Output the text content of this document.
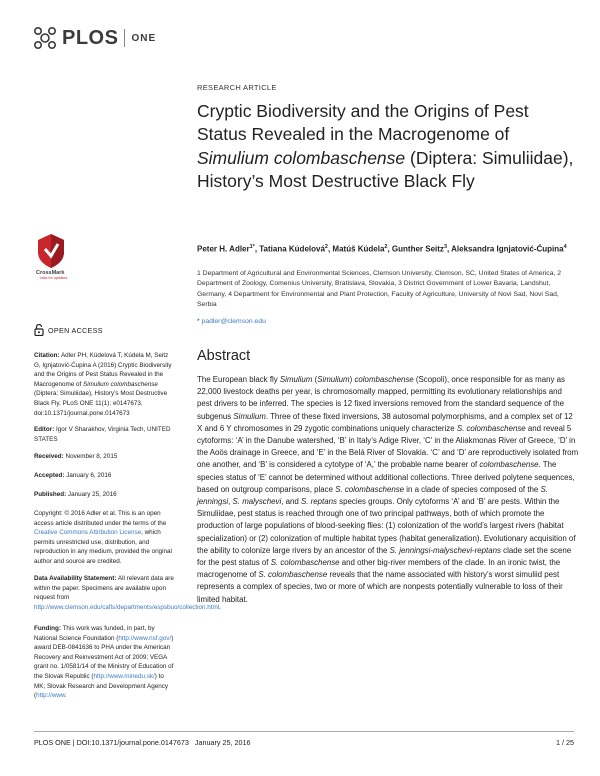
PLOS ONE
RESEARCH ARTICLE
Cryptic Biodiversity and the Origins of Pest Status Revealed in the Macrogenome of Simulium colombaschense (Diptera: Simuliidae), History’s Most Destructive Black Fly
CrossMark
click for updates
Peter H. Adler$^{1*}$, Tatiana Kúdelová$^2$, Matúš Kúdela$^2$, Gunther Seitz$^3$, Aleksandra Ignjatović-Ćupina$^4$
1 Department of Agricultural and Environmental Sciences, Clemson University, Clemson, SC, United States of America, 2 Department of Zoology, Comenius University, Bratislava, Slovakia, 3 District Government of Lower Bavaria, Landshut, Germany, 4 Department for Environmental and Plant Protection, Faculty of Agriculture, University of Novi Sad, Novi Sad, Serbia
* padler@clemson.edu
OPEN ACCESS
Citation: Adler PH, Kúdelová T, Kúdela M, Seitz G, Ignjatović-Ćupina A (2016) Cryptic Biodiversity and the Origins of Pest Status Revealed in the Macrogenome of Simulium colombaschense (Diptera: Simuliidae), History’s Most Destructive Black Fly. PLoS ONE 11(1): e0147673. doi:10.1371/journal.pone.0147673
Editor: Igor V Sharakhov, Virginia Tech, UNITED STATES
Received: November 8, 2015
Accepted: January 6, 2016
Published: January 25, 2016
Copyright: © 2016 Adler et al. This is an open access article distributed under the terms of the Creative Commons Attribution License, which permits unrestricted use, distribution, and reproduction in any medium, provided the original author and source are credited.
Data Availability Statement: All relevant data are within the paper. Specimens are available upon request from http://www.clemson.edu/cafls/departments/espsbuo/collection.html.
Funding: This work was funded, in part, by National Science Foundation (http://www.nsf.gov/) award DEB-0841636 to PHA under the American Recovery and Reinvestment Act of 2009; VEGA grant no. 1/0581/14 of the Ministry of Education of the Slovak Republic (http://www.minedu.sk/) to MK; Slovak Research and Development Agency (http://www.
Abstract
The European black fly Simulium (Simulium) colombaschense (Scopoli), once responsible for as many as 22,000 livestock deaths per year, is chromosomally mapped, permitting its evolutionary relationships and pest drivers to be inferred. The species is 12 fixed inversions removed from the standard sequence of the subgenus Simulium. Three of these fixed inversions, 38 autosomal polymorphisms, and a complex set of 12 X and 6 Y chromosomes in 29 zygotic combinations uniquely characterize S. colombaschense and reveal 5 cytoforms: ‘A’ in the Danube watershed, ‘B’ in Italy’s Adige River, ‘C’ in the Aliakmonas River of Greece, ‘D’ in the Aoös drainage in Greece, and ‘E’ in the Belá River of Slovakia. ‘C’ and ‘D’ are reproductively isolated from one another, and ‘B’ is considered a cytotype of ‘A,’ the probable name bearer of colombaschense. The species status of ‘E’ cannot be determined without additional collections. Three derived polytene sequences, based on outgroup comparisons, place S. colombaschense in a clade of species composed of the S. jenningsi, S. malyschevi, and S. reptans species groups. Only cytoforms ‘A’ and ‘B’ are pests. Within the Simuliidae, pest status is reached through one of two principal pathways, both of which promote the production of large populations of blood-seeking flies: (1) colonization of the world’s largest rivers (habitat specialization) or (2) colonization of multiple habitat types (habitat generalization). Evolutionary acquisition of the ability to colonize large rivers by an ancestor of the S. jenningsi-malyschevi-reptans clade set the scene for the pest status of S. colombaschense and other big-river members of the clade. In an ironic twist, the macrogenome of S. colombaschense reveals that the name associated with history’s worst simuliid pest represents a complex of species, two or more of which are nonpests potentially vulnerable to loss of their limited habitat.
PLOS ONE | DOI:10.1371/journal.pone.0147673   January 25, 2016	1 / 25
